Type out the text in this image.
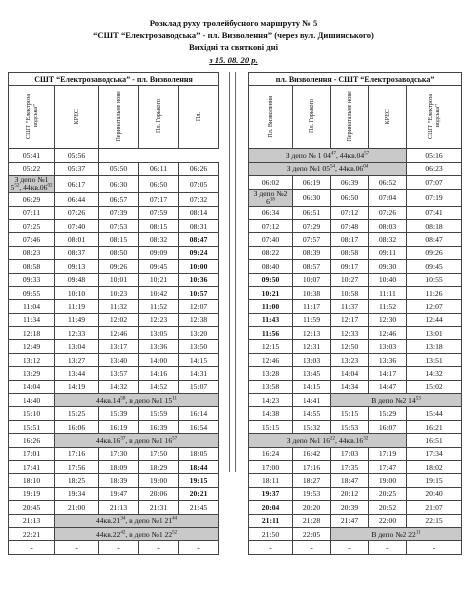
Розклад руху тролейбусного маршруту № 5
“СШТ “Електрозаводська” - пл. Визволення” (через вул. Дишинського)
Вихідні та святкові дні
з 15. 08. 20 р.
СШТ “Електрозаводська” - пл. Визволення				
СШТ “Електроза водська”	КРЕС	Перинатальне нове	Пл. Горького	Пл.
05:41	05:56			
05:22	05:37	05:50	06:11	06:26
З депо №1 $5^{52}$, $44кв.06^{02}$	06:17	06:30	06:50	07:05
06:29	06:44	06:57	07:17	07:32
07:11	07:26	07:39	07:59	08:14
07:25	07:40	07:53	08:15	08:31
07:46	08:01	08:15	08:32	08:47
08:23	08:37	08:50	09:09	09:24
08:58	09:13	09:26	09:45	10:00
09:33	09:48	10:01	10:21	10:36
09:55	10:10	10:23	10:42	10:57
11:04	11:19	11:32	11:52	12:07
11:34	11:49	12:02	12:23	12:38
12:18	12:33	12:46	13:05	13:20
12:49	13:04	13:17	13:36	13:50
13:12	13:27	13:40	14:00	14:15
13:29	13:44	13:57	14:16	14:31
14:04	14:19	14:32	14:52	15:07
14:40	$44кв.14^{58}$, в депо №1 $15^{11}$
15:10	15:25	15:39	15:59	16:14
15:51	16:06	16:19	16:39	16:54
16:26	$44кв.16^{37}$, в депо №1 $16^{57}$
17:01	17:16	17:30	17:50	18:05
17:41	17:56	18:09	18:29	18:44
18:10	18:25	18:39	19:00	19:15
19:19	19:34	19:47	20:06	20:21
20:45	21:00	21:13	21:31	21:45
21:13	$44кв.21^{34}$, в депо №1 $21^{44}$
22:21	$44кв.22^{42}$, в депо №1 $22^{52}$
-	-	-	-	-
пл. Визволення - СШТ “Електрозаводська”				
Пл. Визволення	Пл. Горького	Перинатальне нове	КРЕС	СШТ “Електроза водська”
З депо № 1 $04^{47}$, $44кв.04^{57}$				05:16
З депо №1 $05^{54}$, $44кв.06^{04}$				06:23
06:02	06:19	06:39	06:52	07:07
З депо №2 $6^{18}$	06:30	06:50	07:04	07:19
06:34	06:51	07:12	07:26	07:41
07:12	07:29	07:48	08:03	08:18
07:40	07:57	08:17	08:32	08:47
08:22	08:39	08:58	09:11	09:26
08:40	08:57	09:17	09:30	09:45
09:50	10:07	10:27	10:40	10:55
10:21	10:38	10:58	11:11	11:26
11:00	11:17	11:37	11:52	12:07
11:43	11:59	12:17	12:30	12:44
11:56	12:13	12:33	12:46	13:01
12:15	12:31	12:50	13:03	13:18
12:46	13:03	13:23	13:36	13:51
13:28	13:45	14:04	14:17	14:32
13:58	14:15	14:34	14:47	15:02
14:23	14:41	В депо №2 $14^{53}$
14:38	14:55	15:15	15:29	15:44
15:15	15:32	15:53	16:07	16:21
З депо №1 $16^{22}$, $44кв.16^{32}$				16:51
16:24	16:42	17:03	17:19	17:34
17:00	17:16	17:35	17:47	18:02
18:11	18:27	18:47	19:00	19:15
19:37	19:53	20:12	20:25	20:40
20:04	20:20	20:39	20:52	21:07
21:11	21:28	21:47	22:00	22:15
21:50	22:05	В депо №2 $22^{11}$
-	-	-	-	-
